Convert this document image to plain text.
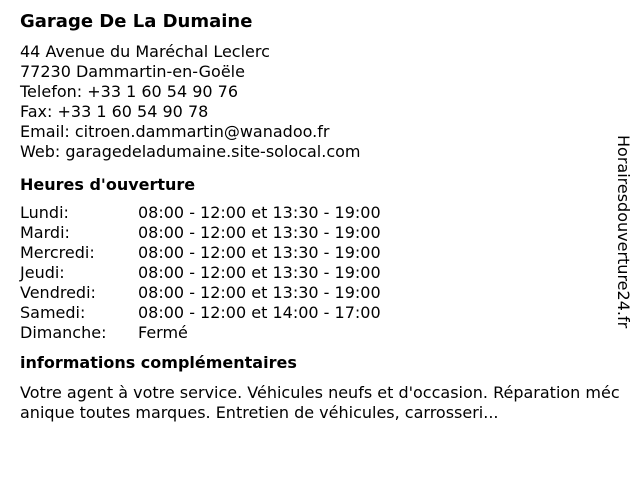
Garage De La Dumaine
44 Avenue du Maréchal Leclerc
77230 Dammartin-en-Goële
Telefon: +33 1 60 54 90 76
Fax: +33 1 60 54 90 78
Email: citroen.dammartin@wanadoo.fr
Web: garagedeladumaine.site-solocal.com
Heures d'ouverture
Lundi:	08:00 - 12:00 et 13:30 - 19:00
Mardi:	08:00 - 12:00 et 13:30 - 19:00
Mercredi:	08:00 - 12:00 et 13:30 - 19:00
Jeudi:	08:00 - 12:00 et 13:30 - 19:00
Vendredi:	08:00 - 12:00 et 13:30 - 19:00
Samedi:	08:00 - 12:00 et 14:00 - 17:00
Dimanche:	Fermé
informations complémentaires
Votre agent à votre service. Véhicules neufs et d'occasion. Réparation mécanique toutes marques. Entretien de véhicules, carrosseri...
Horairesdouverture24.fr
